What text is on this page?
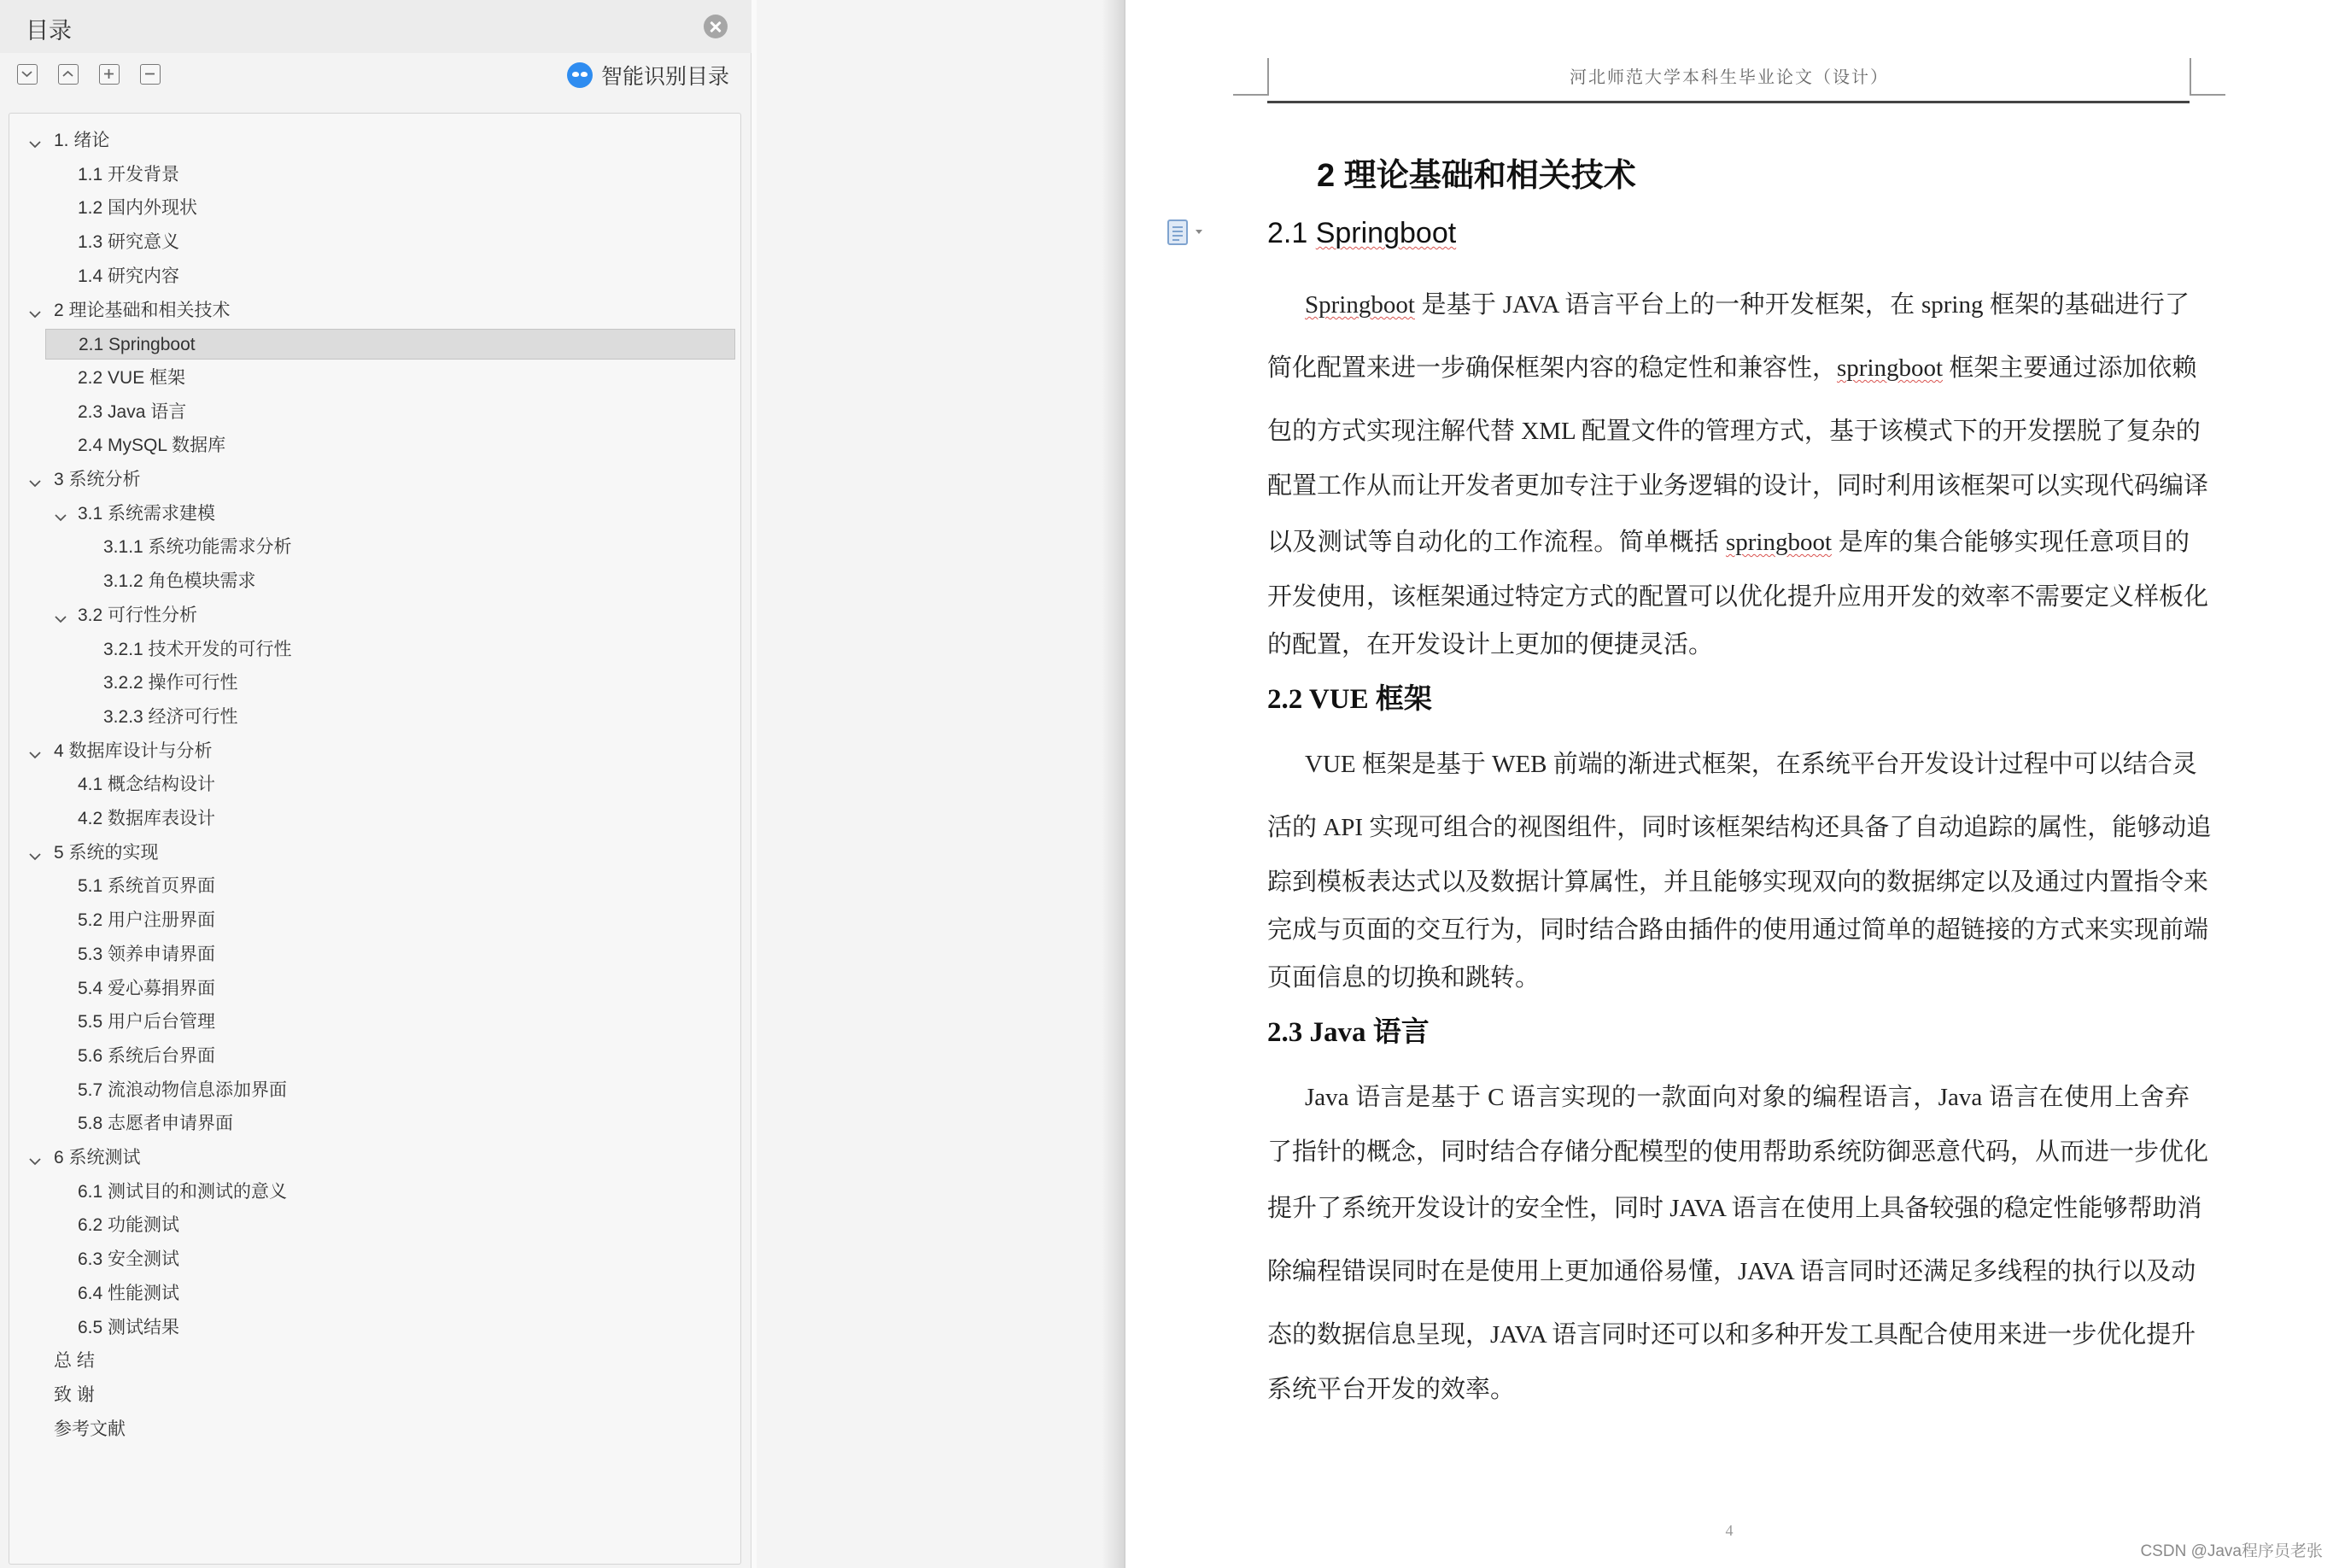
目录
智能识别目录
1. 绪论
1.1 开发背景
1.2 国内外现状
1.3 研究意义
1.4 研究内容
2 理论基础和相关技术
2.1 Springboot
2.2 VUE 框架
2.3 Java 语言
2.4 MySQL 数据库
3 系统分析
3.1 系统需求建模
3.1.1 系统功能需求分析
3.1.2 角色模块需求
3.2 可行性分析
3.2.1 技术开发的可行性
3.2.2 操作可行性
3.2.3 经济可行性
4 数据库设计与分析
4.1 概念结构设计
4.2 数据库表设计
5 系统的实现
5.1 系统首页界面
5.2 用户注册界面
5.3 领养申请界面
5.4 爱心募捐界面
5.5 用户后台管理
5.6 系统后台界面
5.7 流浪动物信息添加界面
5.8 志愿者申请界面
6 系统测试
6.1 测试目的和测试的意义
6.2 功能测试
6.3 安全测试
6.4 性能测试
6.5 测试结果
总 结
致 谢
参考文献
河北师范大学本科生毕业论文（设计）
2 理论基础和相关技术
2.1 Springboot
Springboot 是基于 JAVA 语言平台上的一种开发框架，在 spring 框架的基础进行了
简化配置来进一步确保框架内容的稳定性和兼容性，springboot 框架主要通过添加依赖
包的方式实现注解代替 XML 配置文件的管理方式，基于该模式下的开发摆脱了复杂的
配置工作从而让开发者更加专注于业务逻辑的设计，同时利用该框架可以实现代码编译
以及测试等自动化的工作流程。简单概括 springboot 是库的集合能够实现任意项目的
开发使用，该框架通过特定方式的配置可以优化提升应用开发的效率不需要定义样板化
的配置，在开发设计上更加的便捷灵活。
2.2 VUE 框架
VUE 框架是基于 WEB 前端的渐进式框架，在系统平台开发设计过程中可以结合灵
活的 API 实现可组合的视图组件，同时该框架结构还具备了自动追踪的属性，能够动追
踪到模板表达式以及数据计算属性，并且能够实现双向的数据绑定以及通过内置指令来
完成与页面的交互行为，同时结合路由插件的使用通过简单的超链接的方式来实现前端
页面信息的切换和跳转。
2.3 Java 语言
Java 语言是基于 C 语言实现的一款面向对象的编程语言，Java 语言在使用上舍弃
了指针的概念，同时结合存储分配模型的使用帮助系统防御恶意代码，从而进一步优化
提升了系统开发设计的安全性，同时 JAVA 语言在使用上具备较强的稳定性能够帮助消
除编程错误同时在是使用上更加通俗易懂，JAVA 语言同时还满足多线程的执行以及动
态的数据信息呈现，JAVA 语言同时还可以和多种开发工具配合使用来进一步优化提升
系统平台开发的效率。
4
CSDN @Java程序员老张
